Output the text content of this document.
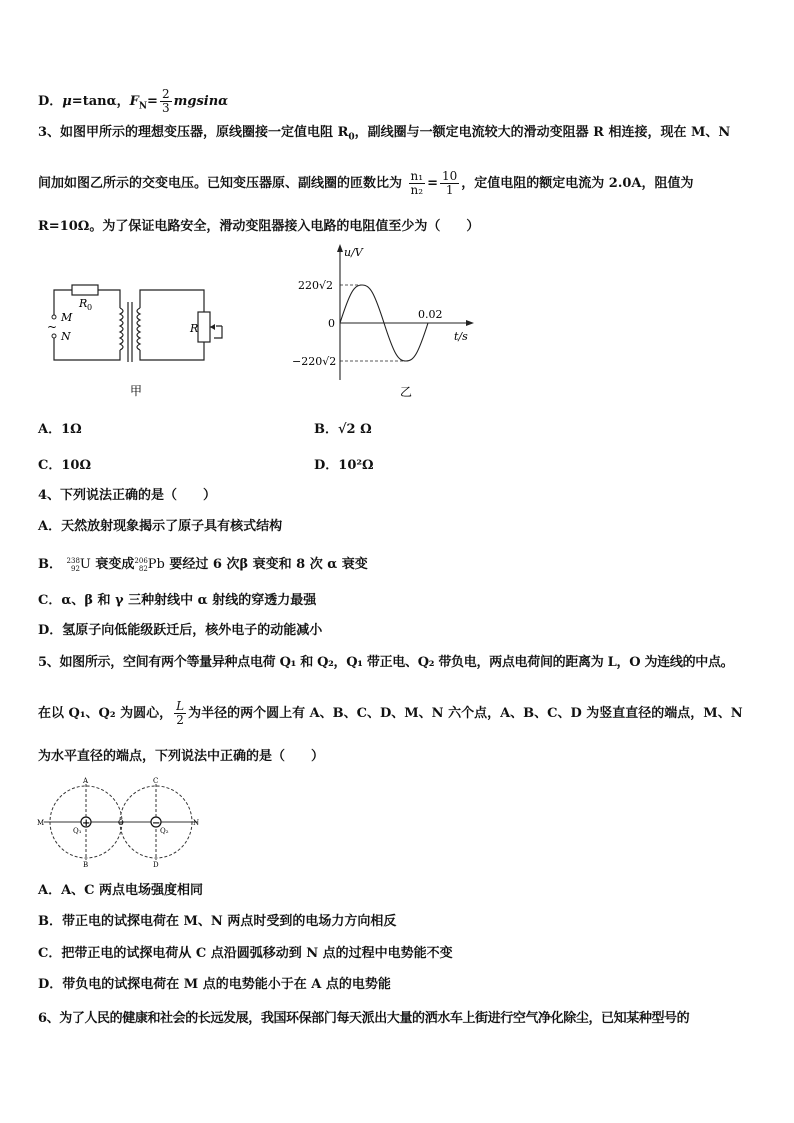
D．μ=tanα，$F_N= \frac{2}{3}$ mgsinα
3、如图甲所示的理想变压器，原线圈接一定值电阻 $R_0$，副线圈与一额定电流较大的滑动变阻器 R 相连接，现在 M、N
间加如图乙所示的交变电压。已知变压器原、副线圈的匝数比为 $\frac{\text{n₁}}{\text{n₂}} = \frac{10}{1}$ ，定值电阻的额定电流为 2.0A，阻值为
R=10Ω。为了保证电路安全，滑动变阻器接入电路的电阻值至少为（　　）
M
N
~
R 0
R
甲
u/V
t/s
220√2
−220√2
0
0.02
乙
A．1Ω	B．√2 Ω
C．10Ω	D．10²Ω
4、下列说法正确的是（　　）
A．天然放射现象揭示了原子具有核式结构
B． 238
92 U 衰变成 206
82 Pb 要经过 6 次β 衰变和 8 次 α 衰变
C．α、β 和 γ 三种射线中 α 射线的穿透力最强
D．氢原子向低能级跃迁后，核外电子的动能减小
5、如图所示，空间有两个等量异种点电荷 Q₁ 和 Q₂，Q₁ 带正电、Q₂ 带负电，两点电荷间的距离为 L，O 为连线的中点。
在以 Q₁、Q₂ 为圆心， $\frac{L}{2}$ 为半径的两个圆上有 A、B、C、D、M、N 六个点，A、B、C、D 为竖直直径的端点，M、N
为水平直径的端点，下列说法中正确的是（　　）
+	−
A
B
C
D
M	N
O
Q₁	Q₂
A．A、C 两点电场强度相同
B．带正电的试探电荷在 M、N 两点时受到的电场力方向相反
C．把带正电的试探电荷从 C 点沿圆弧移动到 N 点的过程中电势能不变
D．带负电的试探电荷在 M 点的电势能小于在 A 点的电势能
6、为了人民的健康和社会的长远发展，我国环保部门每天派出大量的洒水车上街进行空气净化除尘，已知某种型号的
